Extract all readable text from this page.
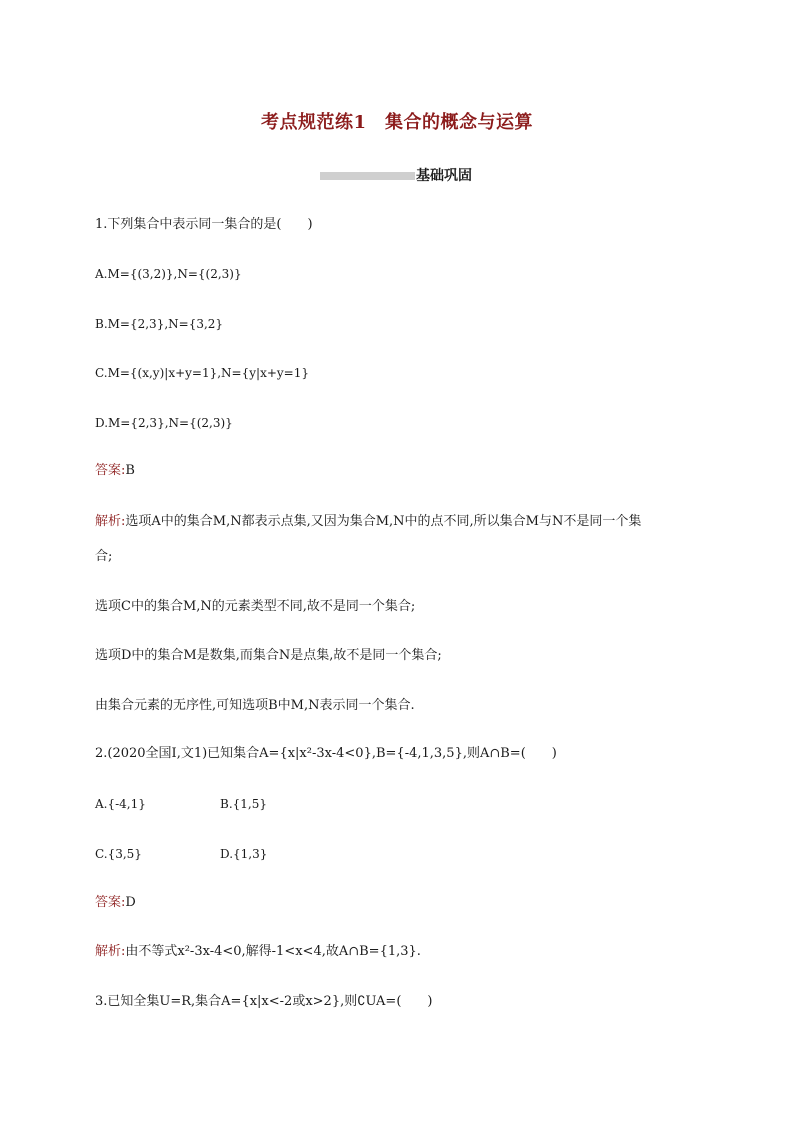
考点规范练1　集合的概念与运算
基础巩固
1.下列集合中表示同一集合的是(　　)
A.M={(3,2)},N={(2,3)}
B.M={2,3},N={3,2}
C.M={(x,y)|x+y=1},N={y|x+y=1}
D.M={2,3},N={(2,3)}
答案:B
解析:选项A中的集合M,N都表示点集,又因为集合M,N中的点不同,所以集合M与N不是同一个集
合;
选项C中的集合M,N的元素类型不同,故不是同一个集合;
选项D中的集合M是数集,而集合N是点集,故不是同一个集合;
由集合元素的无序性,可知选项B中M,N表示同一个集合.
2.(2020全国Ⅰ,文1)已知集合A={x|x²-3x-4<0},B={-4,1,3,5},则A∩B=(　　)
A.{-4,1}	B.{1,5}
C.{3,5}	D.{1,3}
答案:D
解析:由不等式x²-3x-4<0,解得-1<x<4,故A∩B={1,3}.
3.已知全集U=R,集合A={x|x<-2或x>2},则∁UA=(　　)
